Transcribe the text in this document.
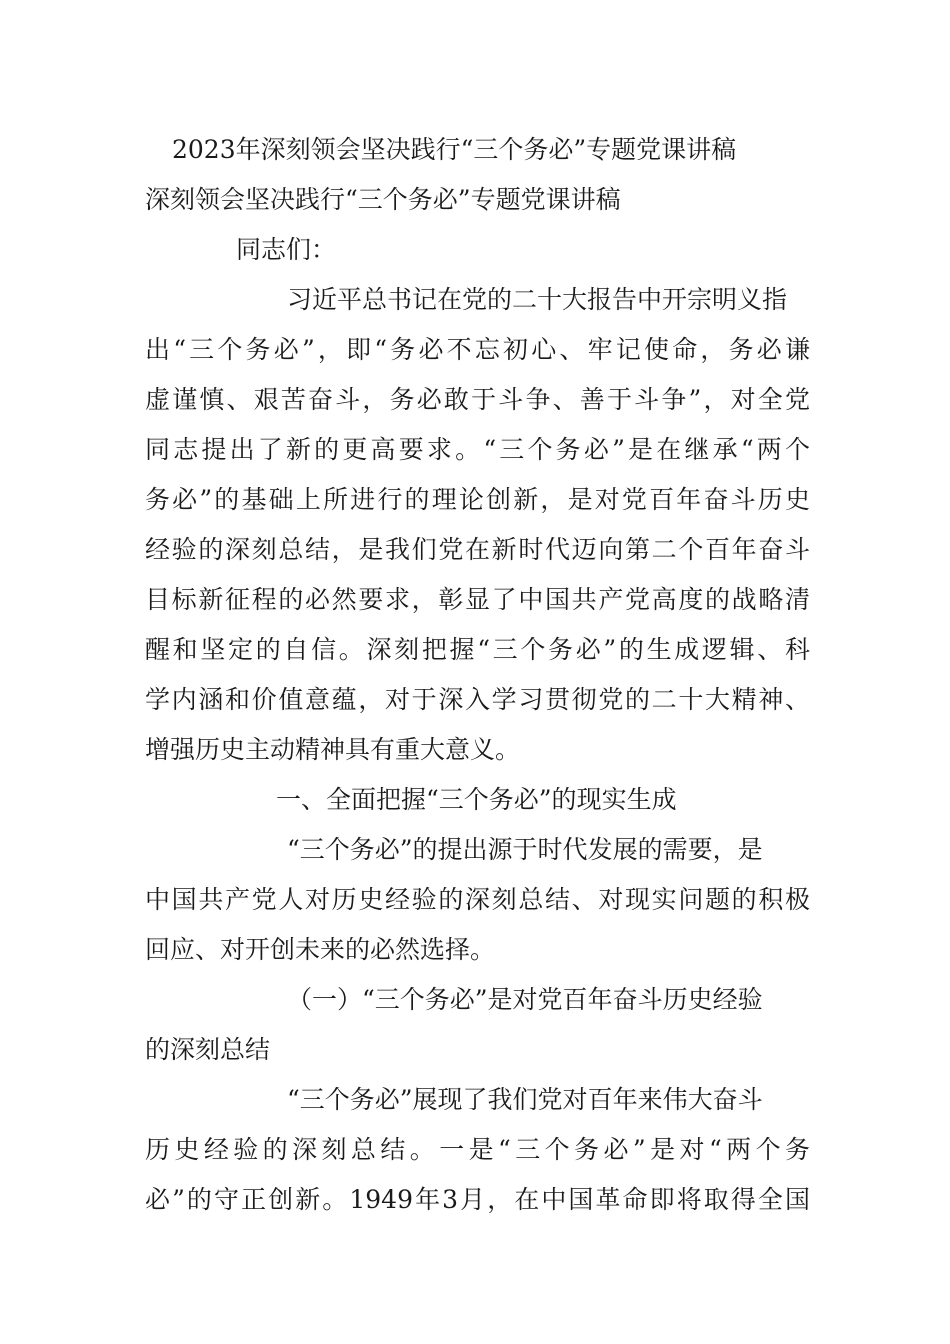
2023年深刻领会坚决践行“三个务必”专题党课讲稿
深刻领会坚决践行“三个务必”专题党课讲稿
同志们：
习近平总书记在党的二十大报告中开宗明义指
出“三个务必”，即“务必不忘初心、牢记使命，务必谦
虚谨慎、艰苦奋斗，务必敢于斗争、善于斗争”，对全党
同志提出了新的更高要求。“三个务必”是在继承“两个
务必”的基础上所进行的理论创新，是对党百年奋斗历史
经验的深刻总结，是我们党在新时代迈向第二个百年奋斗
目标新征程的必然要求，彰显了中国共产党高度的战略清
醒和坚定的自信。深刻把握“三个务必”的生成逻辑、科
学内涵和价值意蕴，对于深入学习贯彻党的二十大精神、
增强历史主动精神具有重大意义。
一、全面把握“三个务必”的现实生成
“三个务必”的提出源于时代发展的需要，是
中国共产党人对历史经验的深刻总结、对现实问题的积极
回应、对开创未来的必然选择。
（一）“三个务必”是对党百年奋斗历史经验
的深刻总结
“三个务必”展现了我们党对百年来伟大奋斗
历史经验的深刻总结。一是“三个务必”是对“两个务
必”的守正创新。1949年3月，在中国革命即将取得全国
